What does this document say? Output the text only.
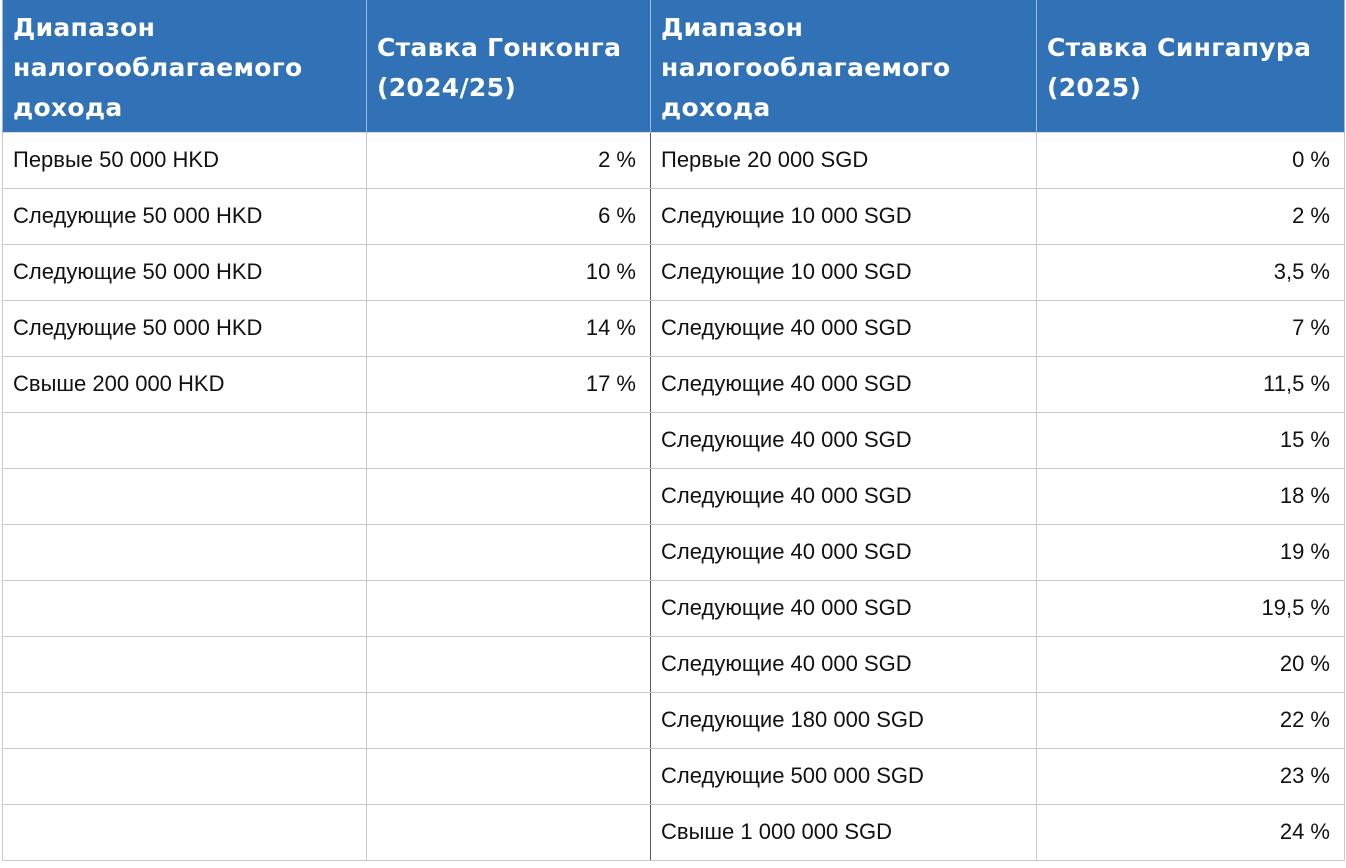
Диапазон налогооблагаемого дохода	Ставка Гонконга (2024/25)	Диапазон налогооблагаемого дохода	Ставка Сингапура (2025)
Первые 50 000 HKD	2 %	Первые 20 000 SGD	0 %
Следующие 50 000 HKD	6 %	Следующие 10 000 SGD	2 %
Следующие 50 000 HKD	10 %	Следующие 10 000 SGD	3,5 %
Следующие 50 000 HKD	14 %	Следующие 40 000 SGD	7 %
Свыше 200 000 HKD	17 %	Следующие 40 000 SGD	11,5 %
		Следующие 40 000 SGD	15 %
		Следующие 40 000 SGD	18 %
		Следующие 40 000 SGD	19 %
		Следующие 40 000 SGD	19,5 %
		Следующие 40 000 SGD	20 %
		Следующие 180 000 SGD	22 %
		Следующие 500 000 SGD	23 %
		Свыше 1 000 000 SGD	24 %
